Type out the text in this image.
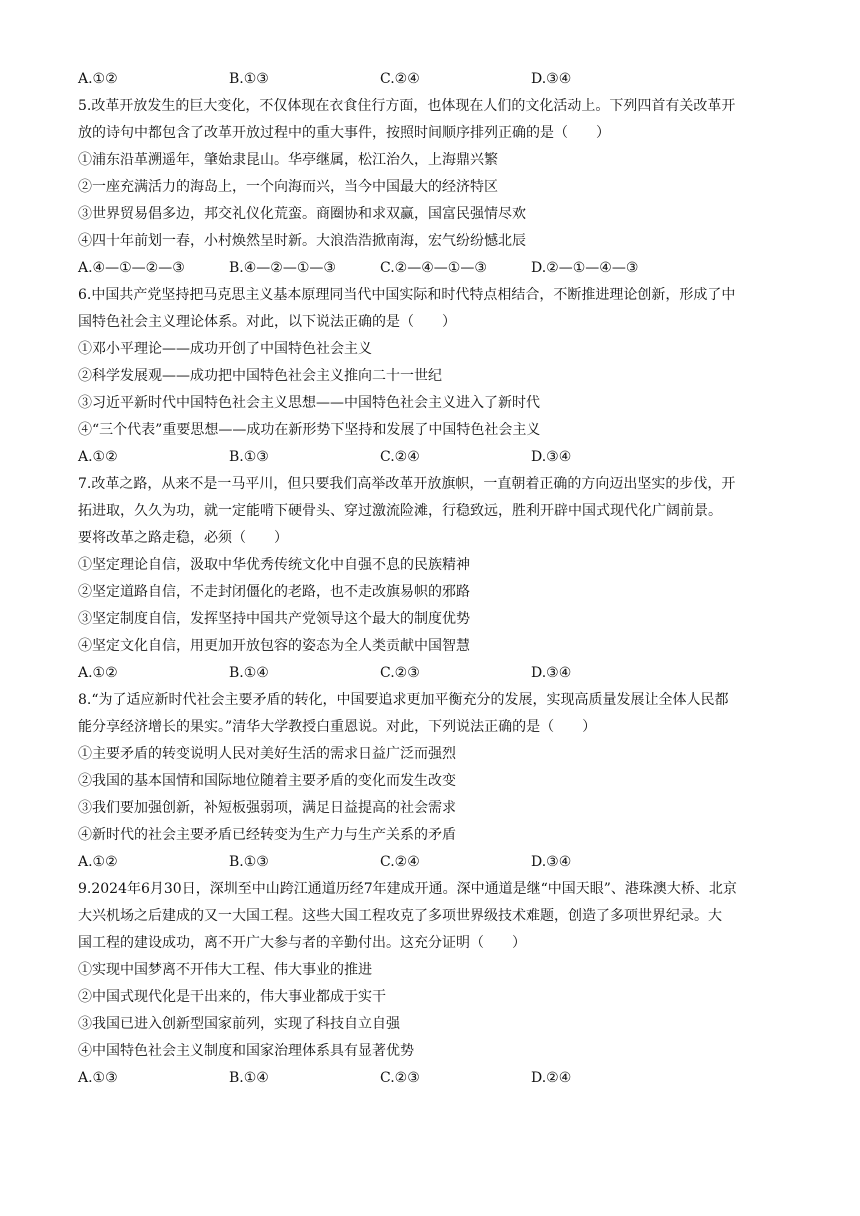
A.①②	B.①③	C.②④	D.③④
5.改革开放发生的巨大变化，不仅体现在衣食住行方面，也体现在人们的文化活动上。下列四首有关改革开
放的诗句中都包含了改革开放过程中的重大事件，按照时间顺序排列正确的是（　　）
①浦东沿革溯遥年，肇始隶昆山。华亭继属，松江治久，上海鼎兴繁
②一座充满活力的海岛上，一个向海而兴，当今中国最大的经济特区
③世界贸易倡多边，邦交礼仪化荒蛮。商圈协和求双赢，国富民强情尽欢
④四十年前划一春，小村焕然呈时新。大浪浩浩掀南海，宏气纷纷憾北辰
A.④—①—②—③	B.④—②—①—③	C.②—④—①—③	D.②—①—④—③
6.中国共产党坚持把马克思主义基本原理同当代中国实际和时代特点相结合，不断推进理论创新，形成了中
国特色社会主义理论体系。对此，以下说法正确的是（　　）
①邓小平理论——成功开创了中国特色社会主义
②科学发展观——成功把中国特色社会主义推向二十一世纪
③习近平新时代中国特色社会主义思想——中国特色社会主义进入了新时代
④“三个代表”重要思想——成功在新形势下坚持和发展了中国特色社会主义
A.①②	B.①③	C.②④	D.③④
7.改革之路，从来不是一马平川，但只要我们高举改革开放旗帜，一直朝着正确的方向迈出坚实的步伐，开
拓进取，久久为功，就一定能啃下硬骨头、穿过激流险滩，行稳致远，胜利开辟中国式现代化广阔前景。
要将改革之路走稳，必须（　　）
①坚定理论自信，汲取中华优秀传统文化中自强不息的民族精神
②坚定道路自信，不走封闭僵化的老路，也不走改旗易帜的邪路
③坚定制度自信，发挥坚持中国共产党领导这个最大的制度优势
④坚定文化自信，用更加开放包容的姿态为全人类贡献中国智慧
A.①②	B.①④	C.②③	D.③④
8.“为了适应新时代社会主要矛盾的转化，中国要追求更加平衡充分的发展，实现高质量发展让全体人民都
能分享经济增长的果实。”清华大学教授白重恩说。对此，下列说法正确的是（　　）
①主要矛盾的转变说明人民对美好生活的需求日益广泛而强烈
②我国的基本国情和国际地位随着主要矛盾的变化而发生改变
③我们要加强创新，补短板强弱项，满足日益提高的社会需求
④新时代的社会主要矛盾已经转变为生产力与生产关系的矛盾
A.①②	B.①③	C.②④	D.③④
9.2024年6月30日，深圳至中山跨江通道历经7年建成开通。深中通道是继“中国天眼”、港珠澳大桥、北京
大兴机场之后建成的又一大国工程。这些大国工程攻克了多项世界级技术难题，创造了多项世界纪录。大
国工程的建设成功，离不开广大参与者的辛勤付出。这充分证明（　　）
①实现中国梦离不开伟大工程、伟大事业的推进
②中国式现代化是干出来的，伟大事业都成于实干
③我国已进入创新型国家前列，实现了科技自立自强
④中国特色社会主义制度和国家治理体系具有显著优势
A.①③	B.①④	C.②③	D.②④
